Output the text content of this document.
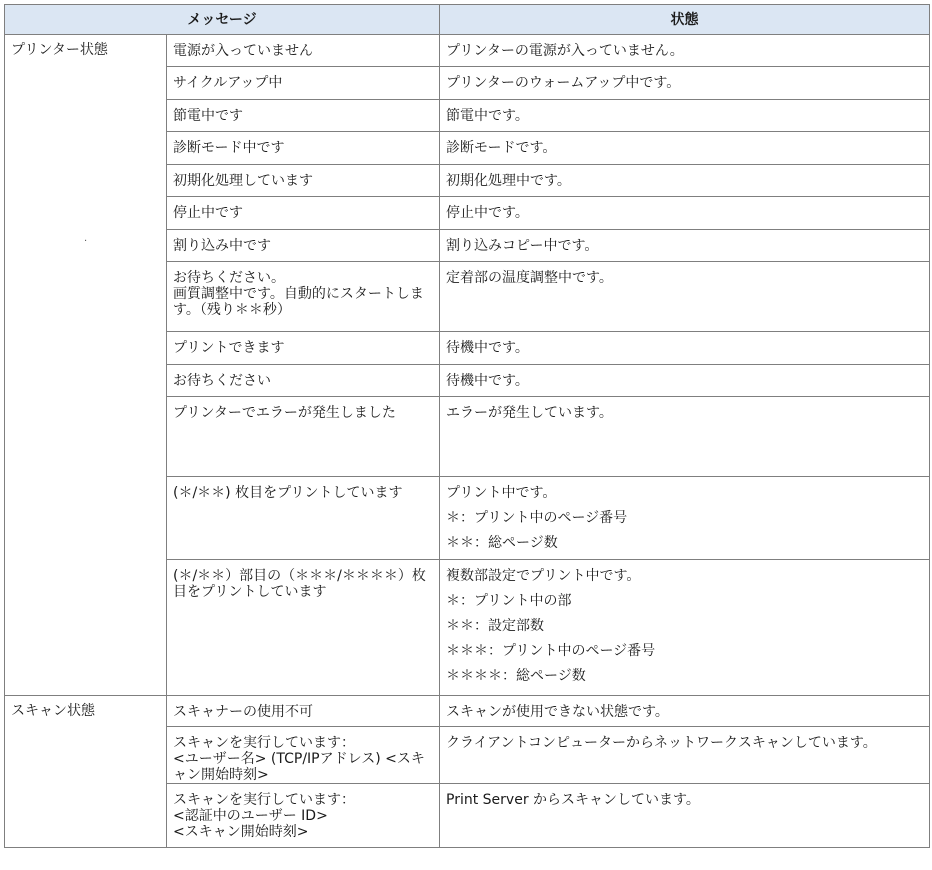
メッセージ		状態
プリンター状態	電源が入っていません	プリンターの電源が入っていません。

	サイクルアップ中	プリンターのウォームアップ中です。

	節電中です	節電中です。

	診断モード中です	診断モードです。

	初期化処理しています	初期化処理中です。

	停止中です	停止中です。

	割り込み中です	割り込みコピー中です。

	お待ちください。
画質調整中です。自動的にスタートします。（残り＊＊秒）	定着部の温度調整中です。

	プリントできます	待機中です。

	お待ちください	待機中です。

	プリンターでエラーが発生しました	エラーが発生しています。

	(＊/＊＊) 枚目をプリントしています	プリント中です。
＊：プリント中のページ番号
＊＊：総ページ数

	(＊/＊＊）部目の（＊＊＊/＊＊＊＊）枚目をプリントしています	複数部設定でプリント中です。
＊：プリント中の部
＊＊：設定部数
＊＊＊：プリント中のページ番号
＊＊＊＊：総ページ数

スキャン状態	スキャナーの使用不可	スキャンが使用できない状態です。

	スキャンを実行しています：
<ユーザー名> (TCP/IPアドレス) <スキャン開始時刻>	クライアントコンピューターからネットワークスキャンしています。

	スキャンを実行しています：
<認証中のユーザー ID>
<スキャン開始時刻>	Print Server からスキャンしています。
·
